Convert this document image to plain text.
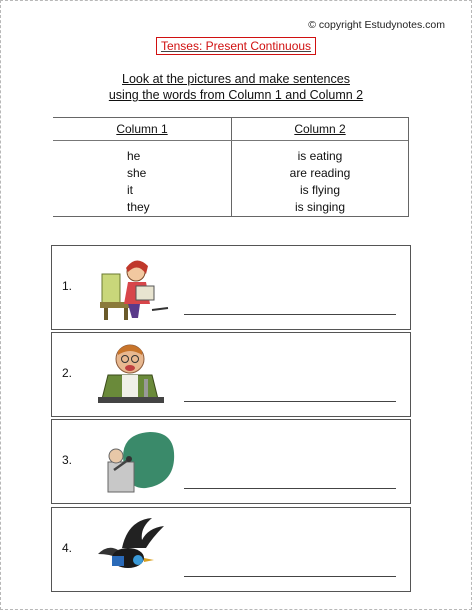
© copyright Estudynotes.com
Tenses: Present Continuous
Look at the pictures and make sentences
using the words from Column 1 and Column 2
Column 1	Column 2
he
she
it
they
is eating
are reading
is flying
is singing
1.
2.
3.
4.
